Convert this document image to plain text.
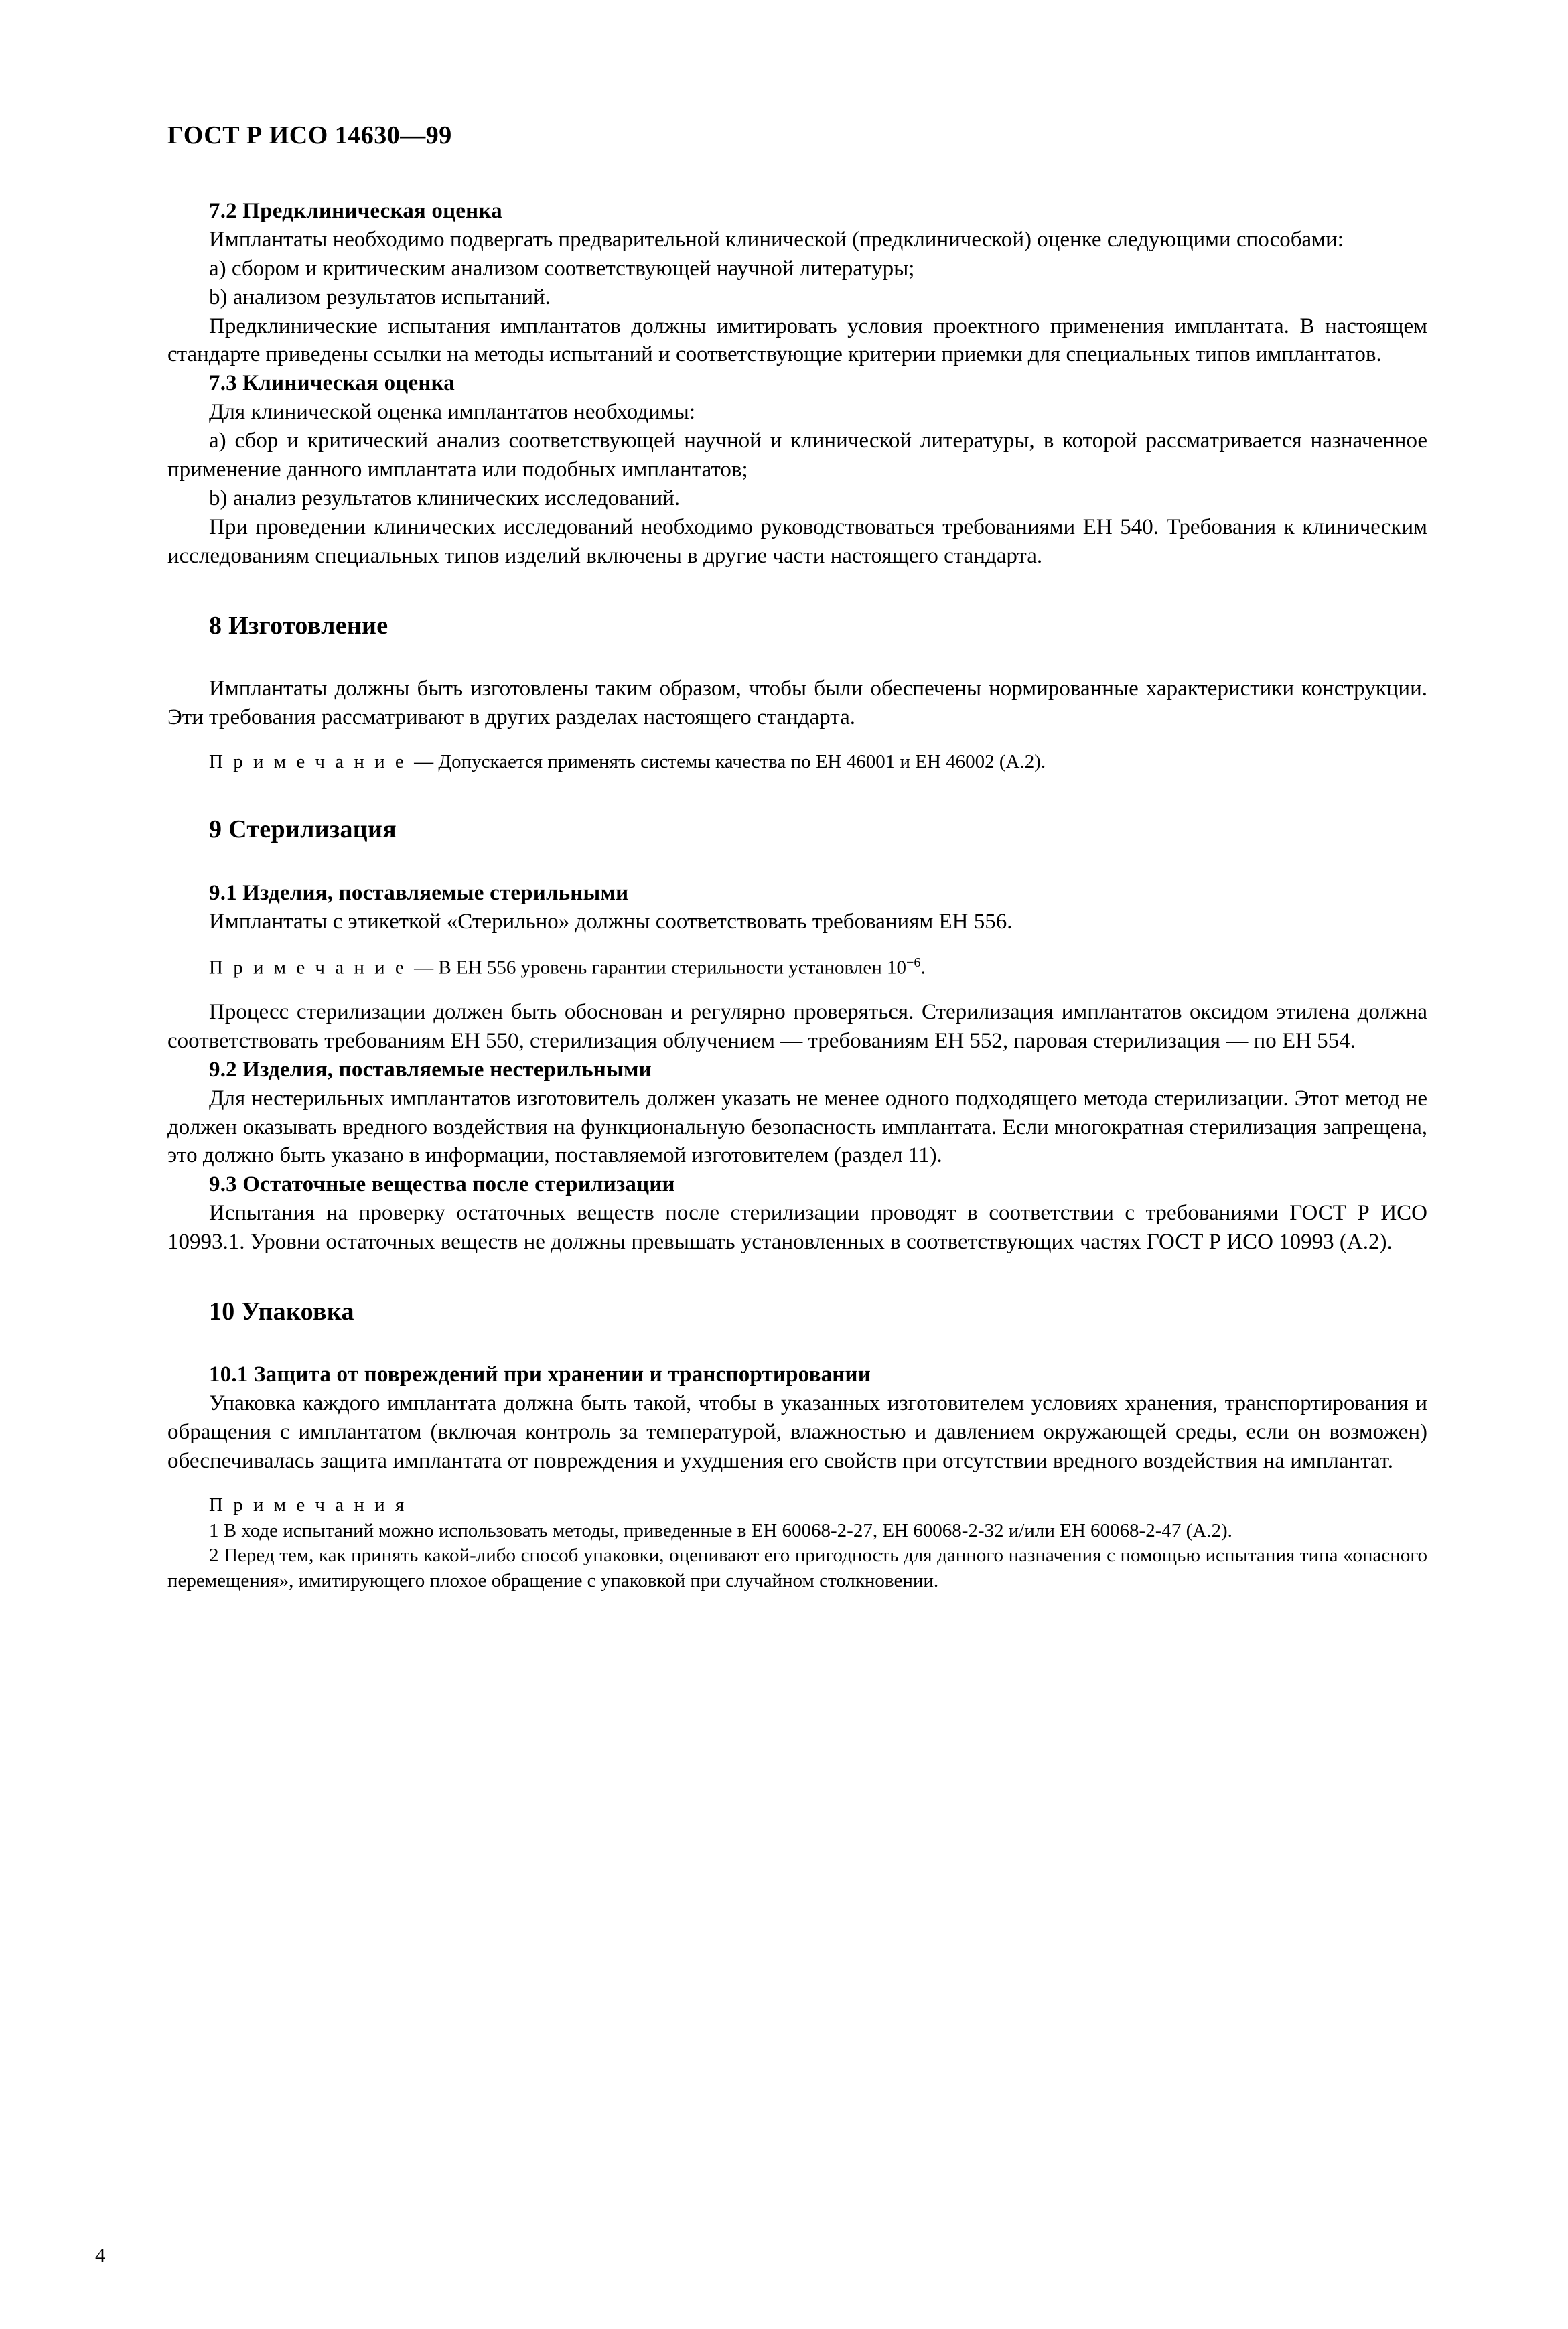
ГОСТ Р ИСО 14630—99

7.2 Предклиническая оценка

Имплантаты необходимо подвергать предварительной клинической (предклинической) оценке следующими способами:

a) сбором и критическим анализом соответствующей научной литературы;

b) анализом результатов испытаний.

Предклинические испытания имплантатов должны имитировать условия проектного применения имплантата. В настоящем стандарте приведены ссылки на методы испытаний и соответствующие критерии приемки для специальных типов имплантатов.

7.3 Клиническая оценка

Для клинической оценка имплантатов необходимы:

a) сбор и критический анализ соответствующей научной и клинической литературы, в которой рассматривается назначенное применение данного имплантата или подобных имплантатов;

b) анализ результатов клинических исследований.

При проведении клинических исследований необходимо руководствоваться требованиями ЕН 540. Требования к клиническим исследованиям специальных типов изделий включены в другие части настоящего стандарта.

8 Изготовление

Имплантаты должны быть изготовлены таким образом, чтобы были обеспечены нормированные характеристики конструкции. Эти требования рассматривают в других разделах настоящего стандарта.

П р и м е ч а н и е — Допускается применять системы качества по ЕН 46001 и ЕН 46002 (А.2).

9 Стерилизация

9.1 Изделия, поставляемые стерильными

Имплантаты с этикеткой «Стерильно» должны соответствовать требованиям ЕН 556.

П р и м е ч а н и е — В ЕН 556 уровень гарантии стерильности установлен $10^{-6}$.

Процесс стерилизации должен быть обоснован и регулярно проверяться. Стерилизация имплантатов оксидом этилена должна соответствовать требованиям ЕН 550, стерилизация облучением — требованиям ЕН 552, паровая стерилизация — по ЕН 554.

9.2 Изделия, поставляемые нестерильными

Для нестерильных имплантатов изготовитель должен указать не менее одного подходящего метода стерилизации. Этот метод не должен оказывать вредного воздействия на функциональную безопасность имплантата. Если многократная стерилизация запрещена, это должно быть указано в информации, поставляемой изготовителем (раздел 11).

9.3 Остаточные вещества после стерилизации

Испытания на проверку остаточных веществ после стерилизации проводят в соответствии с требованиями ГОСТ Р ИСО 10993.1. Уровни остаточных веществ не должны превышать установленных в соответствующих частях ГОСТ Р ИСО 10993 (А.2).

10 Упаковка

10.1 Защита от повреждений при хранении и транспортировании

Упаковка каждого имплантата должна быть такой, чтобы в указанных изготовителем условиях хранения, транспортирования и обращения с имплантатом (включая контроль за температурой, влажностью и давлением окружающей среды, если он возможен) обеспечивалась защита имплантата от повреждения и ухудшения его свойств при отсутствии вредного воздействия на имплантат.

П р и м е ч а н и я

1 В ходе испытаний можно использовать методы, приведенные в ЕН 60068-2-27, ЕН 60068-2-32 и/или ЕН 60068-2-47 (А.2).

2 Перед тем, как принять какой-либо способ упаковки, оценивают его пригодность для данного назначения с помощью испытания типа «опасного перемещения», имитирующего плохое обращение с упаковкой при случайном столкновении.

4
